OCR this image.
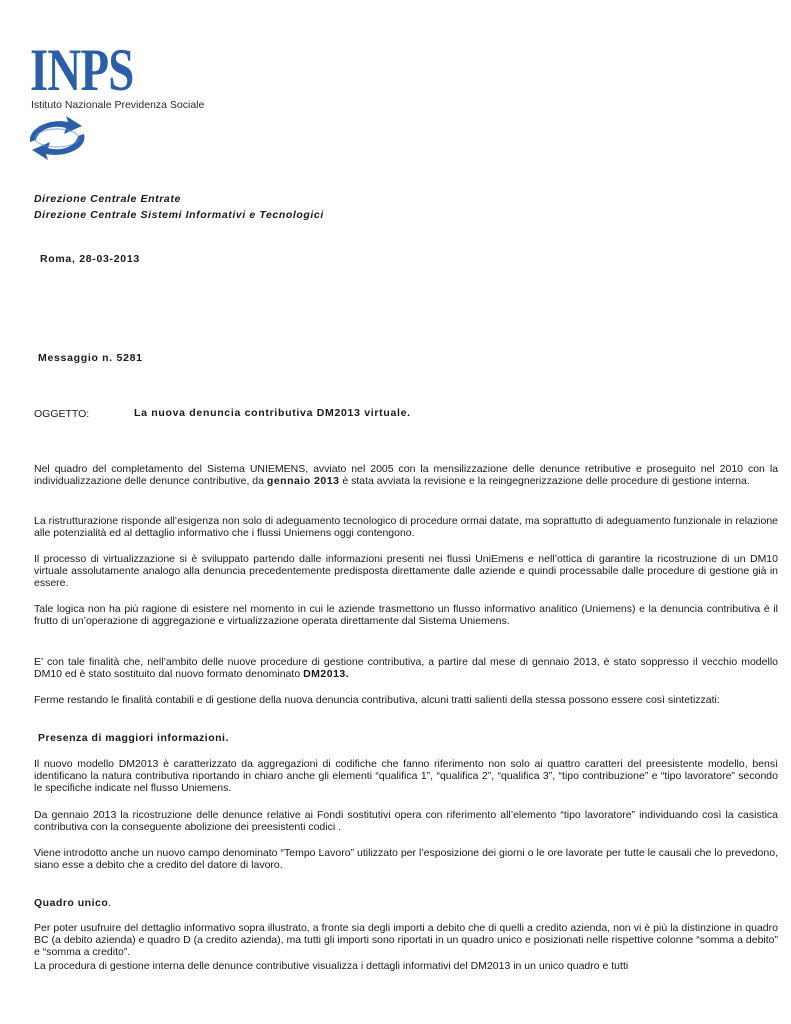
INPS
Istituto Nazionale Previdenza Sociale
Direzione Centrale Entrate
Direzione Centrale Sistemi Informativi e Tecnologici
Roma, 28-03-2013
Messaggio n. 5281
OGGETTO:	La nuova denuncia contributiva DM2013 virtuale.

Nel quadro del completamento del Sistema UNIEMENS, avviato nel 2005 con la mensilizzazione delle denunce retributive e proseguito nel 2010 con la individualizzazione delle denunce contributive, da gennaio 2013 è stata avviata la revisione e la reingegnerizzazione delle procedure di gestione interna.

La ristrutturazione risponde all’esigenza non solo di adeguamento tecnologico di procedure ormai datate, ma soprattutto di adeguamento funzionale in relazione alle potenzialità ed al dettaglio informativo che i flussi Uniemens oggi contengono.

Il processo di virtualizzazione si è sviluppato partendo dalle informazioni presenti nei flussi UniEmens e nell’ottica di garantire la ricostruzione di un DM10 virtuale assolutamente analogo alla denuncia precedentemente predisposta direttamente dalle aziende e quindi processabile dalle procedure di gestione già in essere.

Tale logica non ha più ragione di esistere nel momento in cui le aziende trasmettono un flusso informativo analitico (Uniemens) e la denuncia contributiva è il frutto di un’operazione di aggregazione e virtualizzazione operata direttamente dal Sistema Uniemens.

E’ con tale finalità che, nell’ambito delle nuove procedure di gestione contributiva, a partire dal mese di gennaio 2013, è stato soppresso il vecchio modello DM10 ed è stato sostituito dal nuovo formato denominato DM2013.

Ferme restando le finalità contabili e di gestione della nuova denuncia contributiva, alcuni tratti salienti della stessa possono essere così sintetizzati:

Presenza di maggiori informazioni.

Il nuovo modello DM2013 è caratterizzato da aggregazioni di codifiche che fanno riferimento non solo ai quattro caratteri del preesistente modello, bensì identificano la natura contributiva riportando in chiaro anche gli elementi “qualifica 1”, “qualifica 2”, “qualifica 3”, “tipo contribuzione” e “tipo lavoratore” secondo le specifiche indicate nel flusso Uniemens.

Da gennaio 2013 la ricostruzione delle denunce relative ai Fondi sostitutivi opera con riferimento all’elemento “tipo lavoratore” individuando così la casistica contributiva con la conseguente abolizione dei preesistenti codici .

Viene introdotto anche un nuovo campo denominato “Tempo Lavoro” utilizzato per l’esposizione dei giorni o le ore lavorate per tutte le causali che lo prevedono, siano esse a debito che a credito del datore di lavoro.

Quadro unico.

Per poter usufruire del dettaglio informativo sopra illustrato, a fronte sia degli importi a debito che di quelli a credito azienda, non vi è più la distinzione in quadro BC (a debito azienda) e quadro D (a credito azienda), ma tutti gli importi sono riportati in un quadro unico e posizionati nelle rispettive colonne “somma a debito” e “somma a credito”.

La procedura di gestione interna delle denunce contributive visualizza i dettagli informativi del DM2013 in un unico quadro e tutti
